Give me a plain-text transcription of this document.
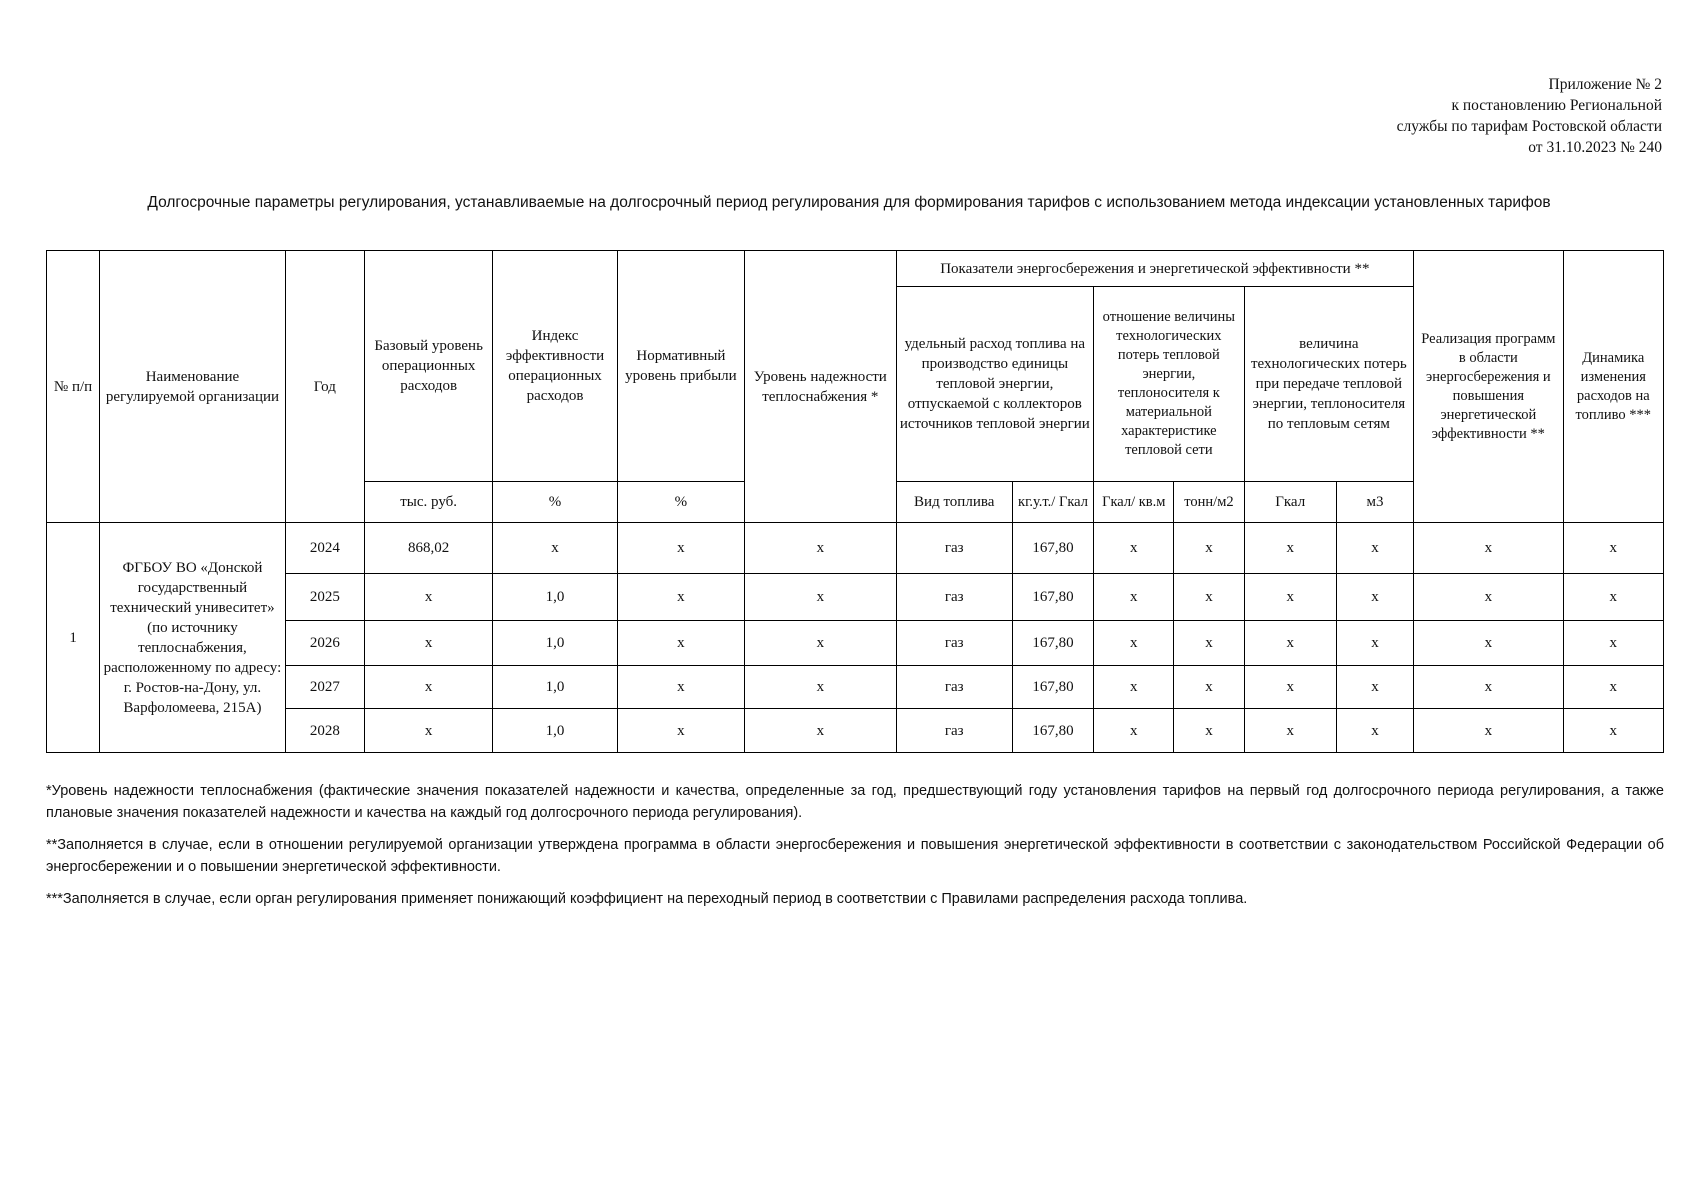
Приложение № 2
к постановлению Региональной
службы по тарифам Ростовской области
от 31.10.2023 № 240
Долгосрочные параметры регулирования, устанавливаемые на долгосрочный период регулирования для формирования тарифов с использованием метода индексации установленных тарифов
№ п/п	Наименование регулируемой организации	Год	Базовый уровень операционных расходов	Индекс эффективности операционных расходов	Нормативный уровень прибыли	Уровень надежности теплоснабжения *	Показатели энергосбережения и энергетической эффективности **						Реализация программ в области энергосбережения и повышения энергетической эффективности **	Динамика изменения расходов на топливо ***
							удельный расход топлива на производство единицы тепловой энергии, отпускаемой с коллекторов источников тепловой энергии		отношение величины технологических потерь тепловой энергии, теплоносителя к материальной характеристике тепловой сети		величина технологических потерь при передаче тепловой энергии, теплоносителя по тепловым сетям			
			тыс. руб.	%	%		Вид топлива	кг.у.т./ Гкал	Гкал/ кв.м	тонн/м2	Гкал	м3		
1	ФГБОУ ВО «Донской государственный технический унивеситет» (по источнику теплоснабжения, расположенному по адресу: г. Ростов-на-Дону, ул. Варфоломеева, 215А)	2024	868,02	х	х	х	газ	167,80	х	х	х	х	х	х
		2025	х	1,0	х	х	газ	167,80	х	х	х	х	х	х
		2026	х	1,0	х	х	газ	167,80	х	х	х	х	х	х
		2027	х	1,0	х	х	газ	167,80	х	х	х	х	х	х
		2028	х	1,0	х	х	газ	167,80	х	х	х	х	х	х

*Уровень надежности теплоснабжения (фактические значения показателей надежности и качества, определенные за год, предшествующий году установления тарифов на первый год долгосрочного периода регулирования, а также плановые значения показателей надежности и качества на каждый год долгосрочного периода регулирования).

**Заполняется в случае, если в отношении регулируемой организации утверждена программа в области энергосбережения и повышения энергетической эффективности в соответствии с законодательством Российской Федерации об энергосбережении и о повышении энергетической эффективности.

***Заполняется в случае, если орган регулирования применяет понижающий коэффициент на переходный период в соответствии с Правилами распределения расхода топлива.
